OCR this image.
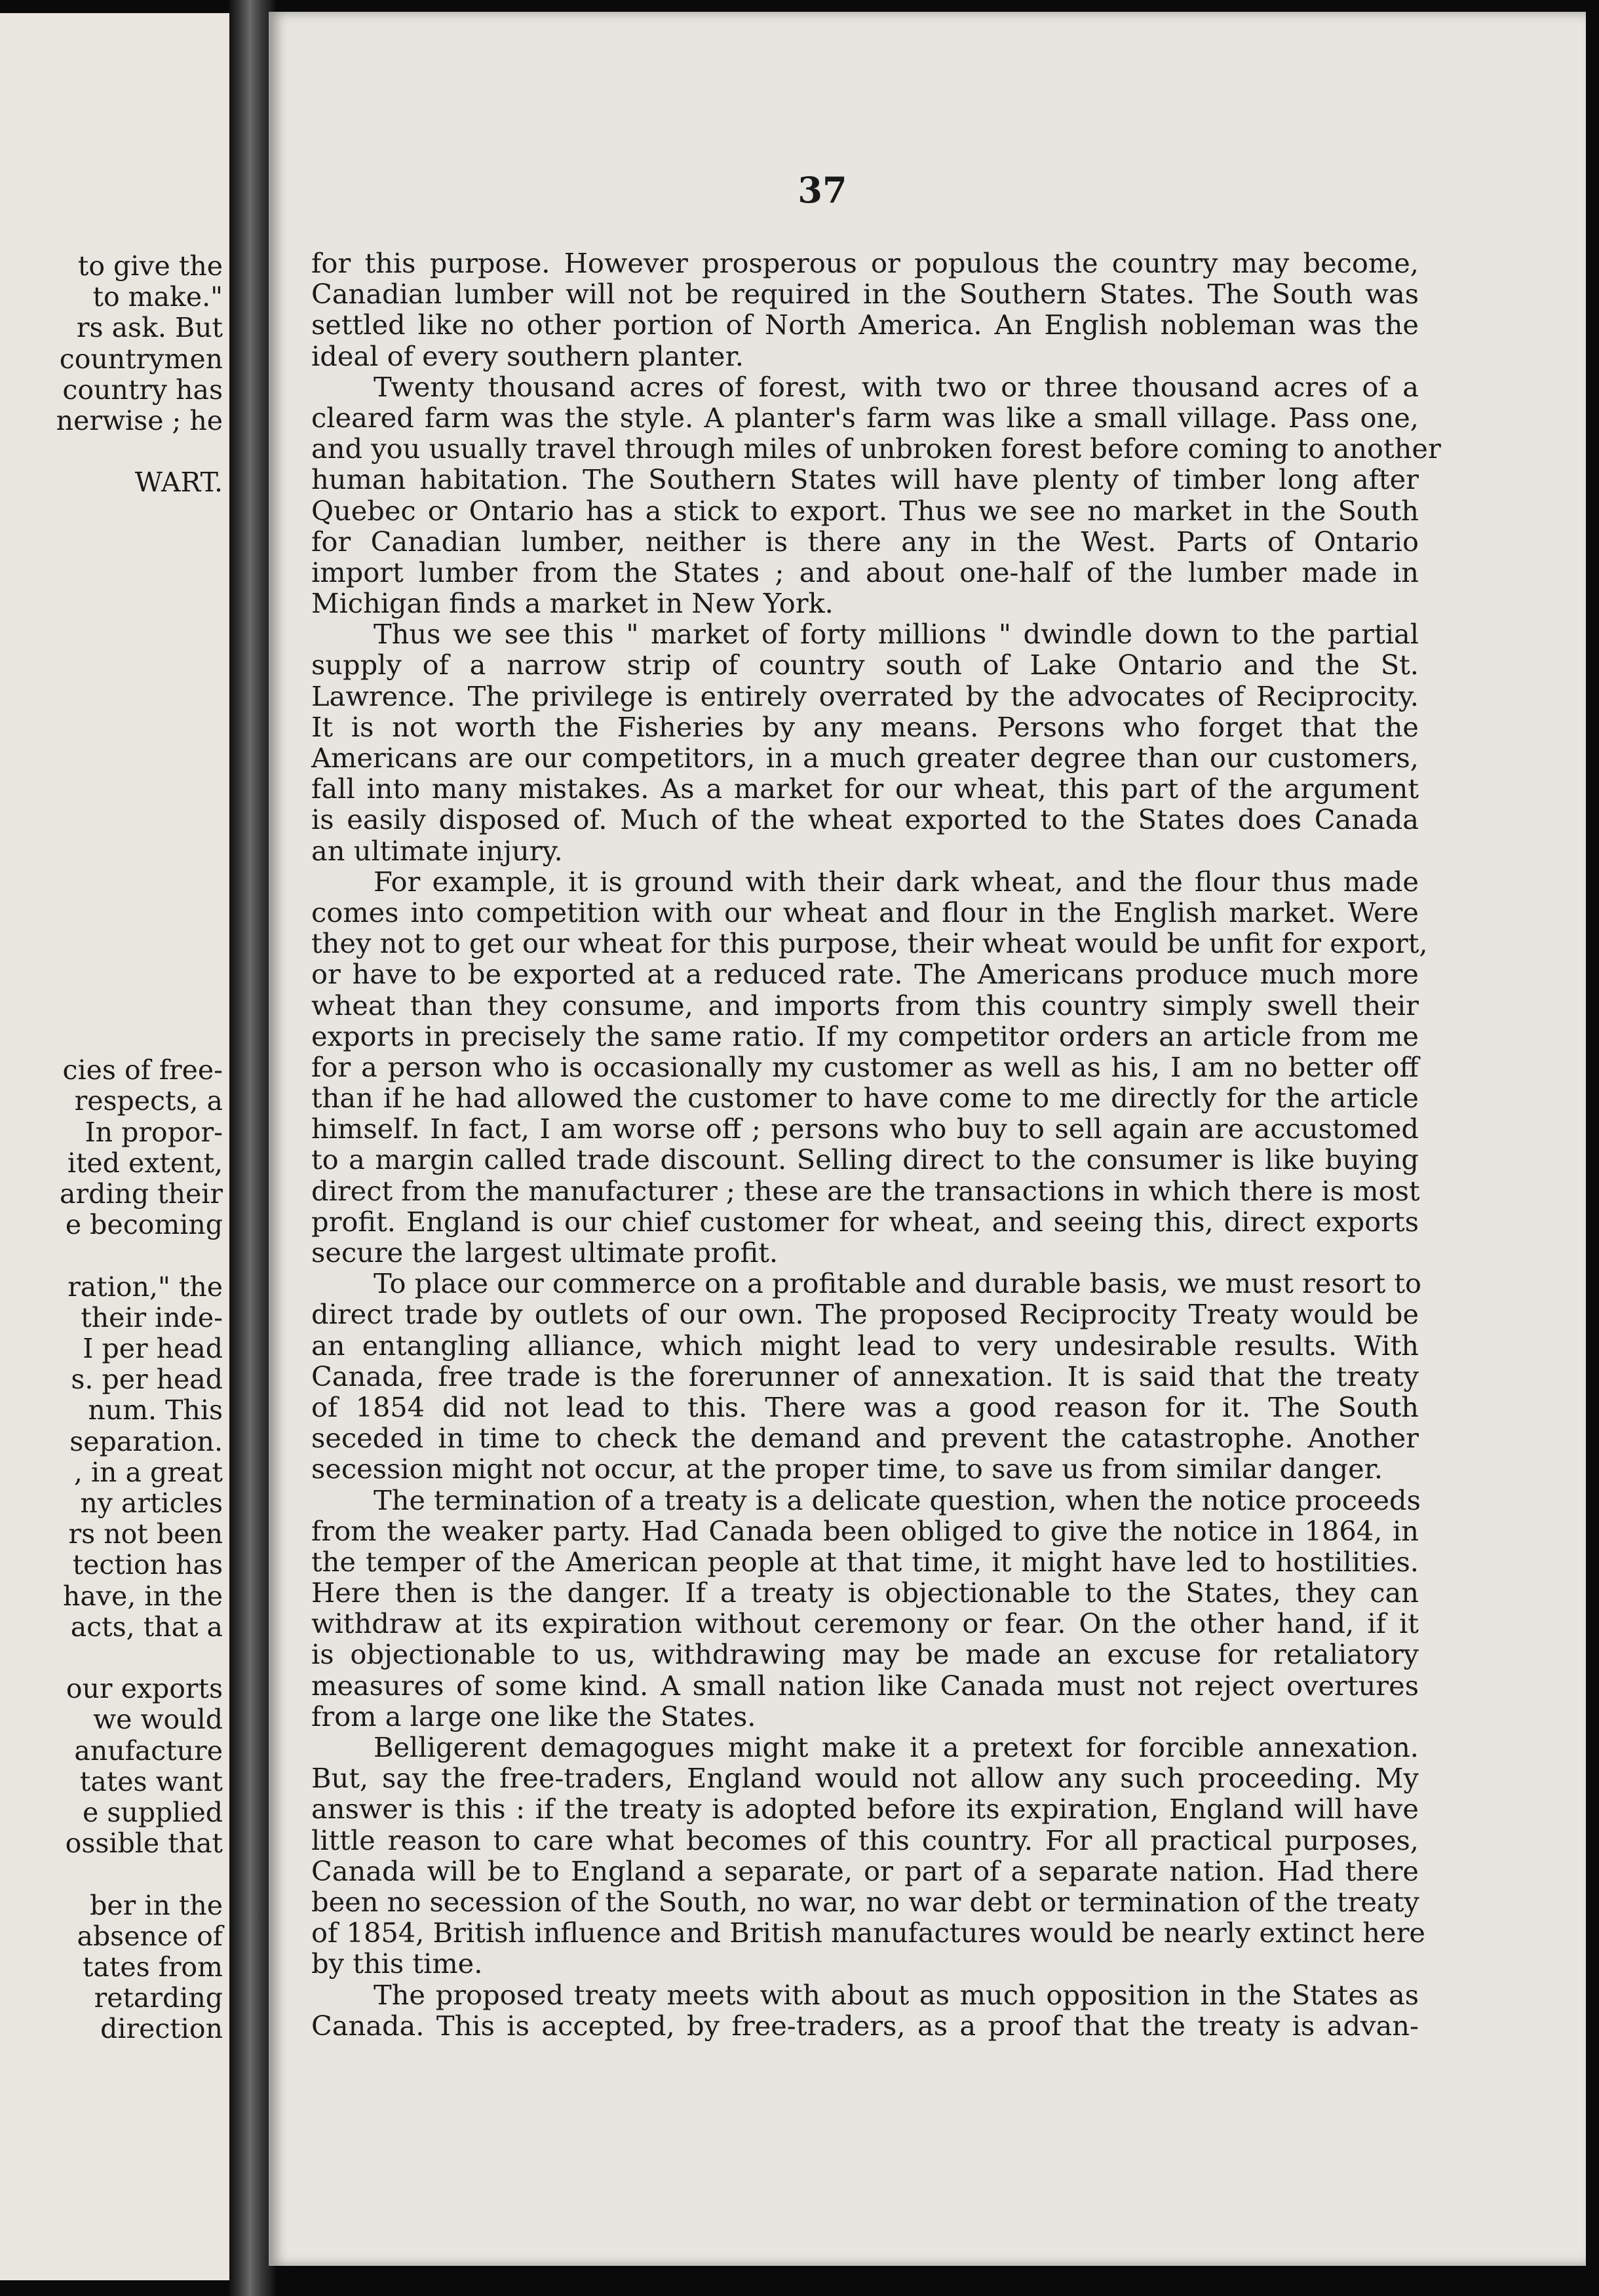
to give the
to make."
rs ask. But
countrymen
country has
nerwise ; he
WART.
cies of free-
respects, a
In propor-
ited extent,
arding their
e becoming
ration," the
their inde-
I per head
s. per head
num. This
separation.
, in a great
ny articles
rs not been
tection has
have, in the
acts, that a
our exports
we would
anufacture
tates want
e supplied
ossible that
ber in the
absence of
tates from
retarding
direction
37
for this purpose. However prosperous or populous the country may become,
Canadian lumber will not be required in the Southern States. The South was
settled like no other portion of North America. An English nobleman was the
ideal of every southern planter.
Twenty thousand acres of forest, with two or three thousand acres of a
cleared farm was the style. A planter's farm was like a small village. Pass one,
and you usually travel through miles of unbroken forest before coming to another
human habitation. The Southern States will have plenty of timber long after
Quebec or Ontario has a stick to export. Thus we see no market in the South
for Canadian lumber, neither is there any in the West. Parts of Ontario
import lumber from the States ; and about one-half of the lumber made in
Michigan finds a market in New York.
Thus we see this " market of forty millions " dwindle down to the partial
supply of a narrow strip of country south of Lake Ontario and the St.
Lawrence. The privilege is entirely overrated by the advocates of Reciprocity.
It is not worth the Fisheries by any means. Persons who forget that the
Americans are our competitors, in a much greater degree than our customers,
fall into many mistakes. As a market for our wheat, this part of the argument
is easily disposed of. Much of the wheat exported to the States does Canada
an ultimate injury.
For example, it is ground with their dark wheat, and the flour thus made
comes into competition with our wheat and flour in the English market. Were
they not to get our wheat for this purpose, their wheat would be unfit for export,
or have to be exported at a reduced rate. The Americans produce much more
wheat than they consume, and imports from this country simply swell their
exports in precisely the same ratio. If my competitor orders an article from me
for a person who is occasionally my customer as well as his, I am no better off
than if he had allowed the customer to have come to me directly for the article
himself. In fact, I am worse off ; persons who buy to sell again are accustomed
to a margin called trade discount. Selling direct to the consumer is like buying
direct from the manufacturer ; these are the transactions in which there is most
profit. England is our chief customer for wheat, and seeing this, direct exports
secure the largest ultimate profit.
To place our commerce on a profitable and durable basis, we must resort to
direct trade by outlets of our own. The proposed Reciprocity Treaty would be
an entangling alliance, which might lead to very undesirable results. With
Canada, free trade is the forerunner of annexation. It is said that the treaty
of 1854 did not lead to this. There was a good reason for it. The South
seceded in time to check the demand and prevent the catastrophe. Another
secession might not occur, at the proper time, to save us from similar danger.
The termination of a treaty is a delicate question, when the notice proceeds
from the weaker party. Had Canada been obliged to give the notice in 1864, in
the temper of the American people at that time, it might have led to hostilities.
Here then is the danger. If a treaty is objectionable to the States, they can
withdraw at its expiration without ceremony or fear. On the other hand, if it
is objectionable to us, withdrawing may be made an excuse for retaliatory
measures of some kind. A small nation like Canada must not reject overtures
from a large one like the States.
Belligerent demagogues might make it a pretext for forcible annexation.
But, say the free-traders, England would not allow any such proceeding. My
answer is this : if the treaty is adopted before its expiration, England will have
little reason to care what becomes of this country. For all practical purposes,
Canada will be to England a separate, or part of a separate nation. Had there
been no secession of the South, no war, no war debt or termination of the treaty
of 1854, British influence and British manufactures would be nearly extinct here
by this time.
The proposed treaty meets with about as much opposition in the States as
Canada. This is accepted, by free-traders, as a proof that the treaty is advan-
